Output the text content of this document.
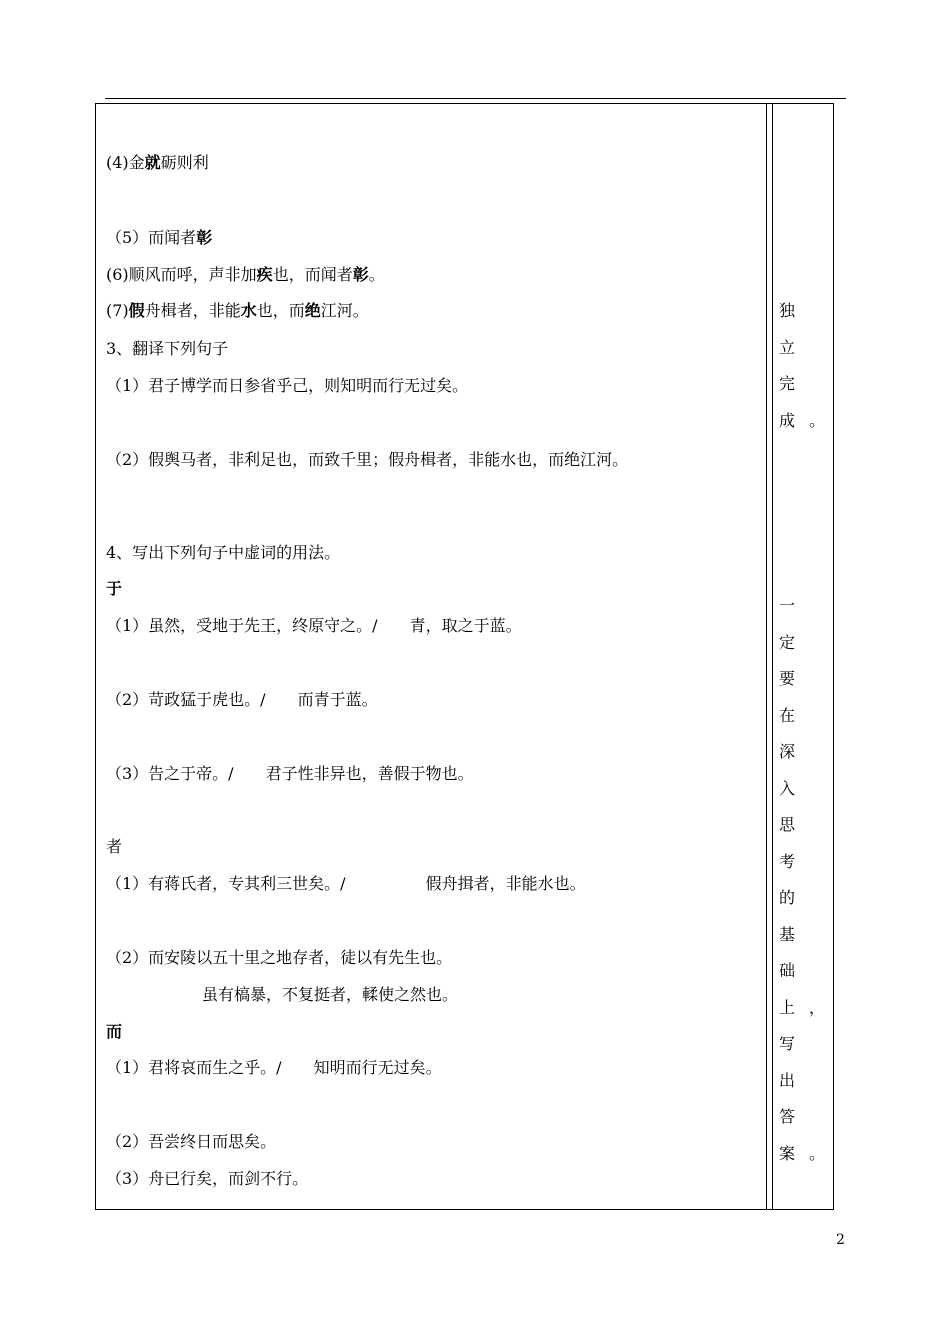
(4)金就砺则利
（5）而闻者彰
(6)顺风而呼，声非加疾也，而闻者彰。
(7)假舟楫者，非能水也，而绝江河。
3、翻译下列句子
（1）君子博学而日参省乎己，则知明而行无过矣。
（2）假舆马者，非利足也，而致千里；假舟楫者，非能水也，而绝江河。
4、写出下列句子中虚词的用法。
于
（1）虽然，受地于先王，终原守之。/　　青，取之于蓝。
（2）苛政猛于虎也。/　　而青于蓝。
（3）告之于帝。/　　君子性非异也，善假于物也。
者
（1）有蒋氏者，专其利三世矣。/　　　　　假舟揖者，非能水也。
（2）而安陵以五十里之地存者，徒以有先生也。
　　　　　　虽有槁暴，不复挺者，輮使之然也。
而
（1）君将哀而生之乎。/　　知明而行无过矣。
（2）吾尝终日而思矣。
（3）舟已行矣，而剑不行。
独立完成。
一定要在深入思考的基础上，写出答案。
2
